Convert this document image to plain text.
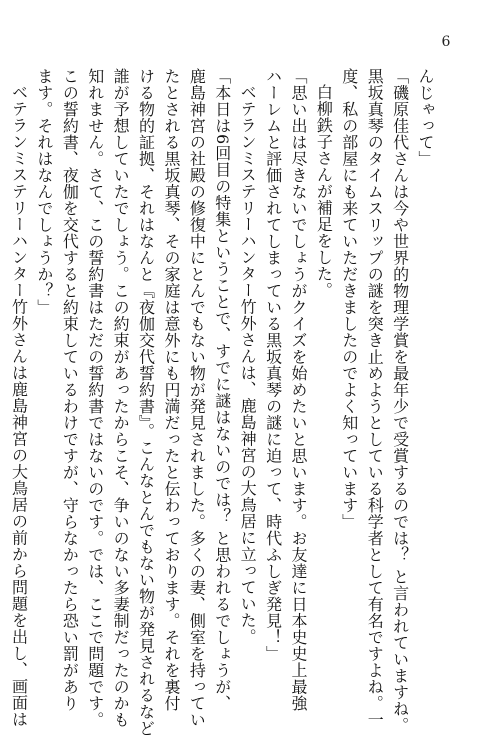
6
んじゃって」
「磯原佳代さんは今や世界的物理学賞を最年少で受賞するのでは？ と言われていますね。
黒坂真琴のタイムスリップの謎を突き止めようとしている科学者として有名ですよね。一
度、私の部屋にも来ていただきましたのでよく知っています」
白柳鉄子さんが補足をした。
「思い出は尽きないでしょうがクイズを始めたいと思います。お友達に日本史史上最強
ハーレムと評価されてしまっている黒坂真琴の謎に迫って、時代ふしぎ発見！」
ベテランミステリーハンター竹外さんは、鹿島神宮の大鳥居に立っていた。
「本日は6回目の特集ということで、すでに謎はないのでは？ と思われるでしょうが、
鹿島神宮の社殿の修復中にとんでもない物が発見されました。多くの妻、側室を持ってい
たとされる黒坂真琴、その家庭は意外にも円満だったと伝わっております。それを裏付
ける物的証拠、それはなんと『夜伽交代誓約書』。こんなとんでもない物が発見されるなど
誰が予想していたでしょう。この約束があったからこそ、争いのない多妻制だったのかも
知れません。さて、この誓約書はただの誓約書ではないのです。では、ここで問題です。
この誓約書、夜伽を交代すると約束しているわけですが、守らなかったら恐い罰があり
ます。それはなんでしょうか？」
ベテランミステリーハンター竹外さんは鹿島神宮の大鳥居の前から問題を出し、画面は
